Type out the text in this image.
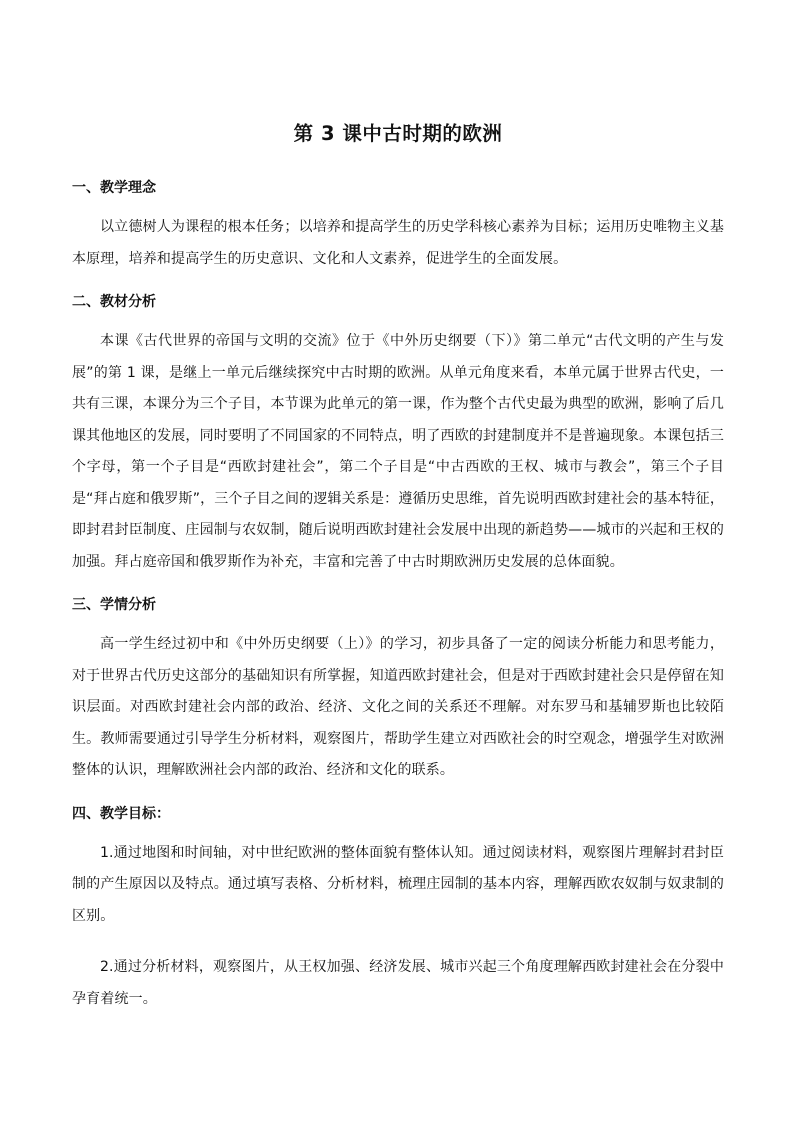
第 3 课中古时期的欧洲
一、教学理念
以立德树人为课程的根本任务；以培养和提高学生的历史学科核心素养为目标；运用历史唯物主义基本原理，培养和提高学生的历史意识、文化和人文素养，促进学生的全面发展。
二、教材分析
本课《古代世界的帝国与文明的交流》位于《中外历史纲要（下）》第二单元“古代文明的产生与发展”的第 1 课，是继上一单元后继续探究中古时期的欧洲。从单元角度来看，本单元属于世界古代史，一共有三课，本课分为三个子目，本节课为此单元的第一课，作为整个古代史最为典型的欧洲，影响了后几课其他地区的发展，同时要明了不同国家的不同特点，明了西欧的封建制度并不是普遍现象。本课包括三个字母，第一个子目是“西欧封建社会”，第二个子目是“中古西欧的王权、城市与教会”，第三个子目是“拜占庭和俄罗斯”，三个子目之间的逻辑关系是：遵循历史思维，首先说明西欧封建社会的基本特征，即封君封臣制度、庄园制与农奴制，随后说明西欧封建社会发展中出现的新趋势——城市的兴起和王权的加强。拜占庭帝国和俄罗斯作为补充，丰富和完善了中古时期欧洲历史发展的总体面貌。
三、学情分析
高一学生经过初中和《中外历史纲要（上）》的学习，初步具备了一定的阅读分析能力和思考能力，对于世界古代历史这部分的基础知识有所掌握，知道西欧封建社会，但是对于西欧封建社会只是停留在知识层面。对西欧封建社会内部的政治、经济、文化之间的关系还不理解。对东罗马和基辅罗斯也比较陌生。教师需要通过引导学生分析材料，观察图片，帮助学生建立对西欧社会的时空观念，增强学生对欧洲整体的认识，理解欧洲社会内部的政治、经济和文化的联系。
四、教学目标：
1.通过地图和时间轴，对中世纪欧洲的整体面貌有整体认知。通过阅读材料，观察图片理解封君封臣制的产生原因以及特点。通过填写表格、分析材料，梳理庄园制的基本内容，理解西欧农奴制与奴隶制的区别。
2.通过分析材料，观察图片，从王权加强、经济发展、城市兴起三个角度理解西欧封建社会在分裂中孕育着统一。
